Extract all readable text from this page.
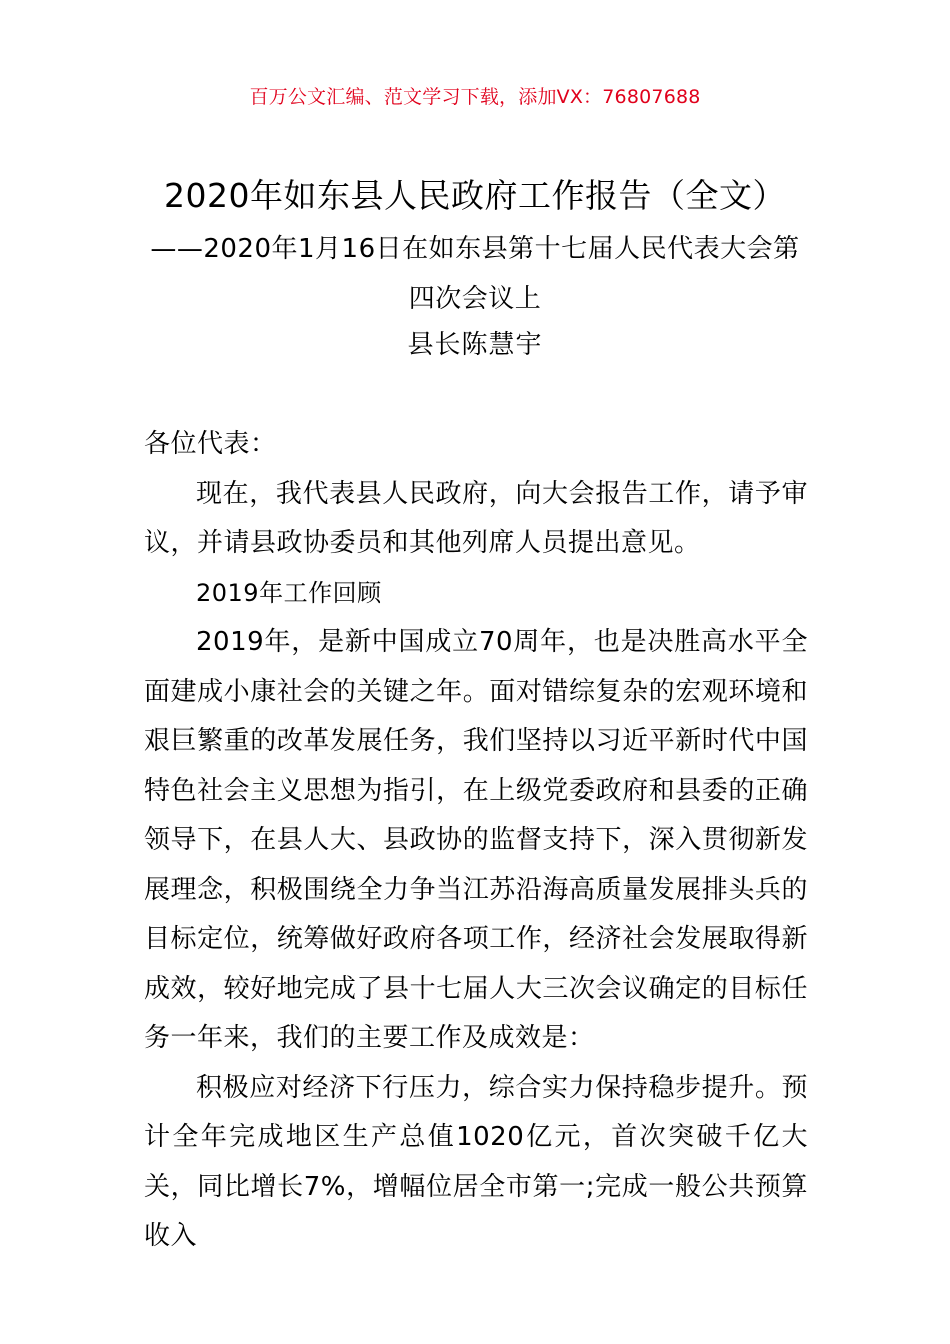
百万公文汇编、范文学习下载，添加VX：76807688
2020年如东县人民政府工作报告（全文）
——2020年1月16日在如东县第十七届人民代表大会第四次会议上
县长陈慧宇

各位代表：

现在，我代表县人民政府，向大会报告工作，请予审议，并请县政协委员和其他列席人员提出意见。

2019年工作回顾

2019年，是新中国成立70周年，也是决胜高水平全面建成小康社会的关键之年。面对错综复杂的宏观环境和艰巨繁重的改革发展任务，我们坚持以习近平新时代中国特色社会主义思想为指引，在上级党委政府和县委的正确领导下，在县人大、县政协的监督支持下，深入贯彻新发展理念，积极围绕全力争当江苏沿海高质量发展排头兵的目标定位，统筹做好政府各项工作，经济社会发展取得新成效，较好地完成了县十七届人大三次会议确定的目标任务一年来，我们的主要工作及成效是：

积极应对经济下行压力，综合实力保持稳步提升。预计全年完成地区生产总值1020亿元，首次突破千亿大关，同比增长7%，增幅位居全市第一;完成一般公共预算收入
